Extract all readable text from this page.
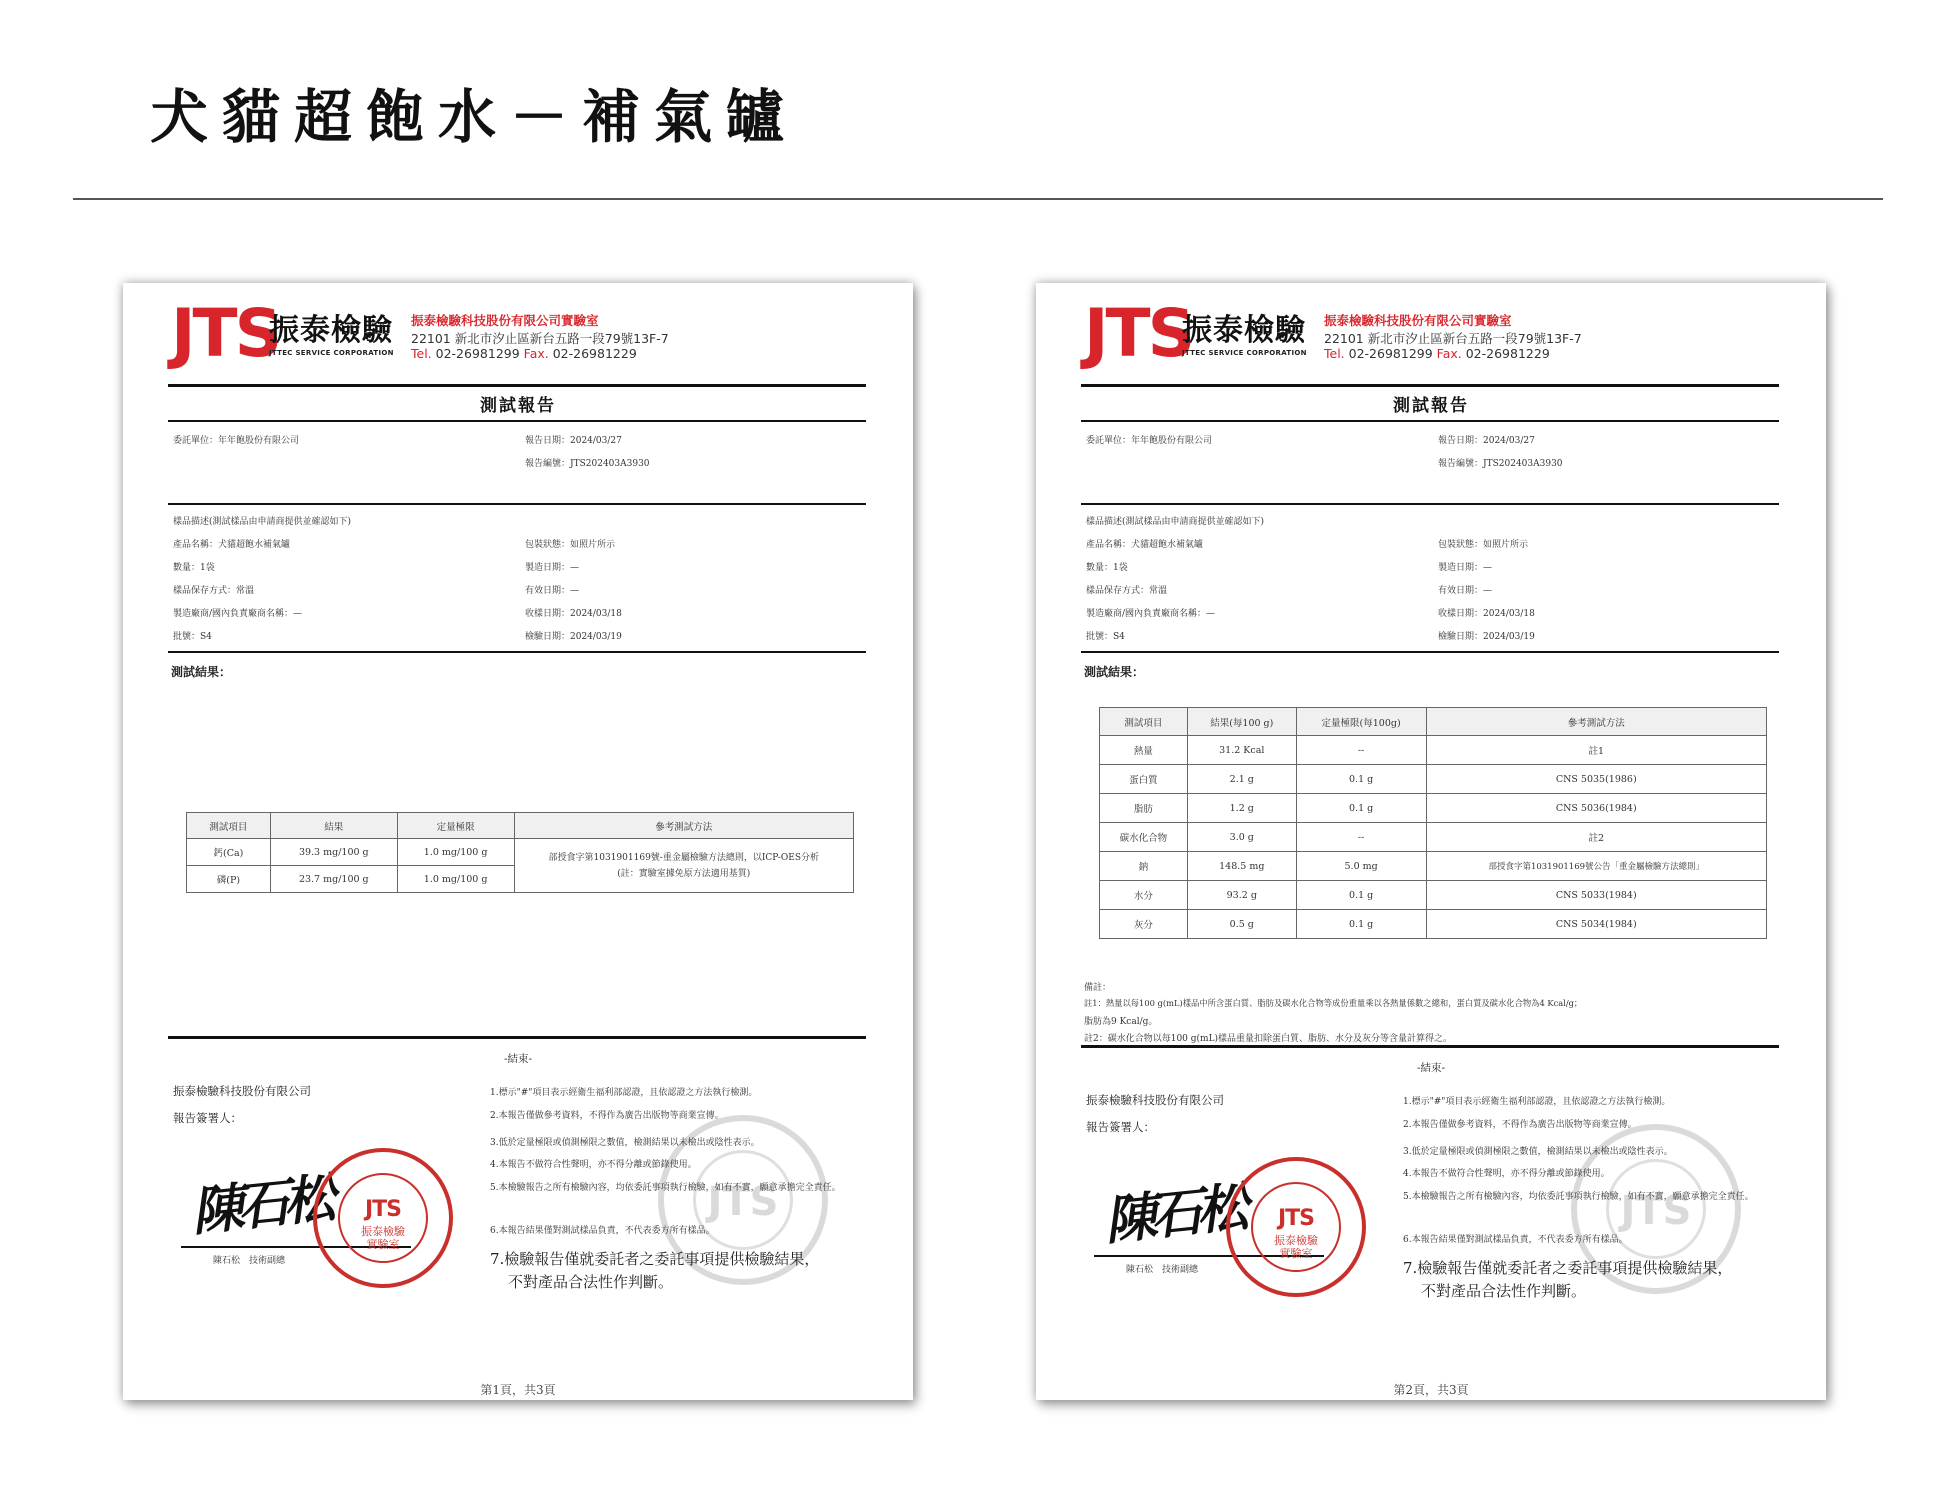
犬貓超飽水－補氣罏
JTS
振泰檢驗
JTTEC SERVICE CORPORATION
振泰檢驗科技股份有限公司實驗室
22101 新北市汐止區新台五路一段79號13F-7
Tel. 02-26981299 Fax. 02-26981229
測試報告
委託單位：年年飽股份有限公司	報告日期：2024/03/27
報告編號：JTS202403A3930
樣品描述(測試樣品由申請商提供並確認如下)
產品名稱：犬貓超飽水補氣罏
數量：1袋
樣品保存方式：常溫
製造廠商/國內負責廠商名稱：—
批號：S4
包裝狀態：如照片所示
製造日期：—
有效日期：—
收樣日期：2024/03/18
檢驗日期：2024/03/19
測試結果：
測試項目	結果	定量極限	參考測試方法
鈣(Ca)	39.3 mg/100 g	1.0 mg/100 g	部授食字第1031901169號-重金屬檢驗方法總則，以ICP-OES分析
(註：實驗室據免原方法適用基質)

磷(P)	23.7 mg/100 g	1.0 mg/100 g	
-結束-
振泰檢驗科技股份有限公司
報告簽署人：
JTS
陳石松
陳石松　技術副總
JTS
振泰檢驗
實驗室
1.標示"#"項目表示經衛生福利部認證，且依認證之方法執行檢測。
2.本報告僅做參考資料，不得作為廣告出版物等商業宣傳。
3.低於定量極限或偵測極限之數值，檢測結果以未檢出或陰性表示。
4.本報告不做符合性聲明，亦不得分離或節錄使用。
5.本檢驗報告之所有檢驗內容，均依委託事項執行檢驗，如有不實，願意承擔完全責任。
6.本報告結果僅對測試樣品負責，不代表委方所有樣品。
7.檢驗報告僅就委託者之委託事項提供檢驗結果，
不對產品合法性作判斷。
第1頁，共3頁
JTS
振泰檢驗
JTTEC SERVICE CORPORATION
振泰檢驗科技股份有限公司實驗室
22101 新北市汐止區新台五路一段79號13F-7
Tel. 02-26981299 Fax. 02-26981229
測試報告
委託單位：年年飽股份有限公司	報告日期：2024/03/27
報告編號：JTS202403A3930
樣品描述(測試樣品由申請商提供並確認如下)
產品名稱：犬貓超飽水補氣罏
數量：1袋
樣品保存方式：常溫
製造廠商/國內負責廠商名稱：—
批號：S4
包裝狀態：如照片所示
製造日期：—
有效日期：—
收樣日期：2024/03/18
檢驗日期：2024/03/19
測試結果：
測試項目	結果(每100 g)	定量極限(每100g)	參考測試方法
熱量	31.2 Kcal	--	註1
蛋白質	2.1 g	0.1 g	CNS 5035(1986)
脂肪	1.2 g	0.1 g	CNS 5036(1984)
碳水化合物	3.0 g	--	註2
鈉	148.5 mg	5.0 mg	部授食字第1031901169號公告「重金屬檢驗方法總則」
水分	93.2 g	0.1 g	CNS 5033(1984)
灰分	0.5 g	0.1 g	CNS 5034(1984)
備註：
註1：熱量以每100 g(mL)樣品中所含蛋白質、脂肪及碳水化合物等成份重量乘以各熱量係數之總和，蛋白質及碳水化合物為4 Kcal/g；
脂肪為9 Kcal/g。
註2：碳水化合物以每100 g(mL)樣品重量扣除蛋白質、脂肪、水分及灰分等含量計算得之。
-結束-
振泰檢驗科技股份有限公司
報告簽署人：
JTS
陳石松
陳石松　技術副總
JTS
振泰檢驗
實驗室
1.標示"#"項目表示經衛生福利部認證，且依認證之方法執行檢測。
2.本報告僅做參考資料，不得作為廣告出版物等商業宣傳。
3.低於定量極限或偵測極限之數值，檢測結果以未檢出或陰性表示。
4.本報告不做符合性聲明，亦不得分離或節錄使用。
5.本檢驗報告之所有檢驗內容，均依委託事項執行檢驗，如有不實，願意承擔完全責任。
6.本報告結果僅對測試樣品負責，不代表委方所有樣品。
7.檢驗報告僅就委託者之委託事項提供檢驗結果，
不對產品合法性作判斷。
第2頁，共3頁
